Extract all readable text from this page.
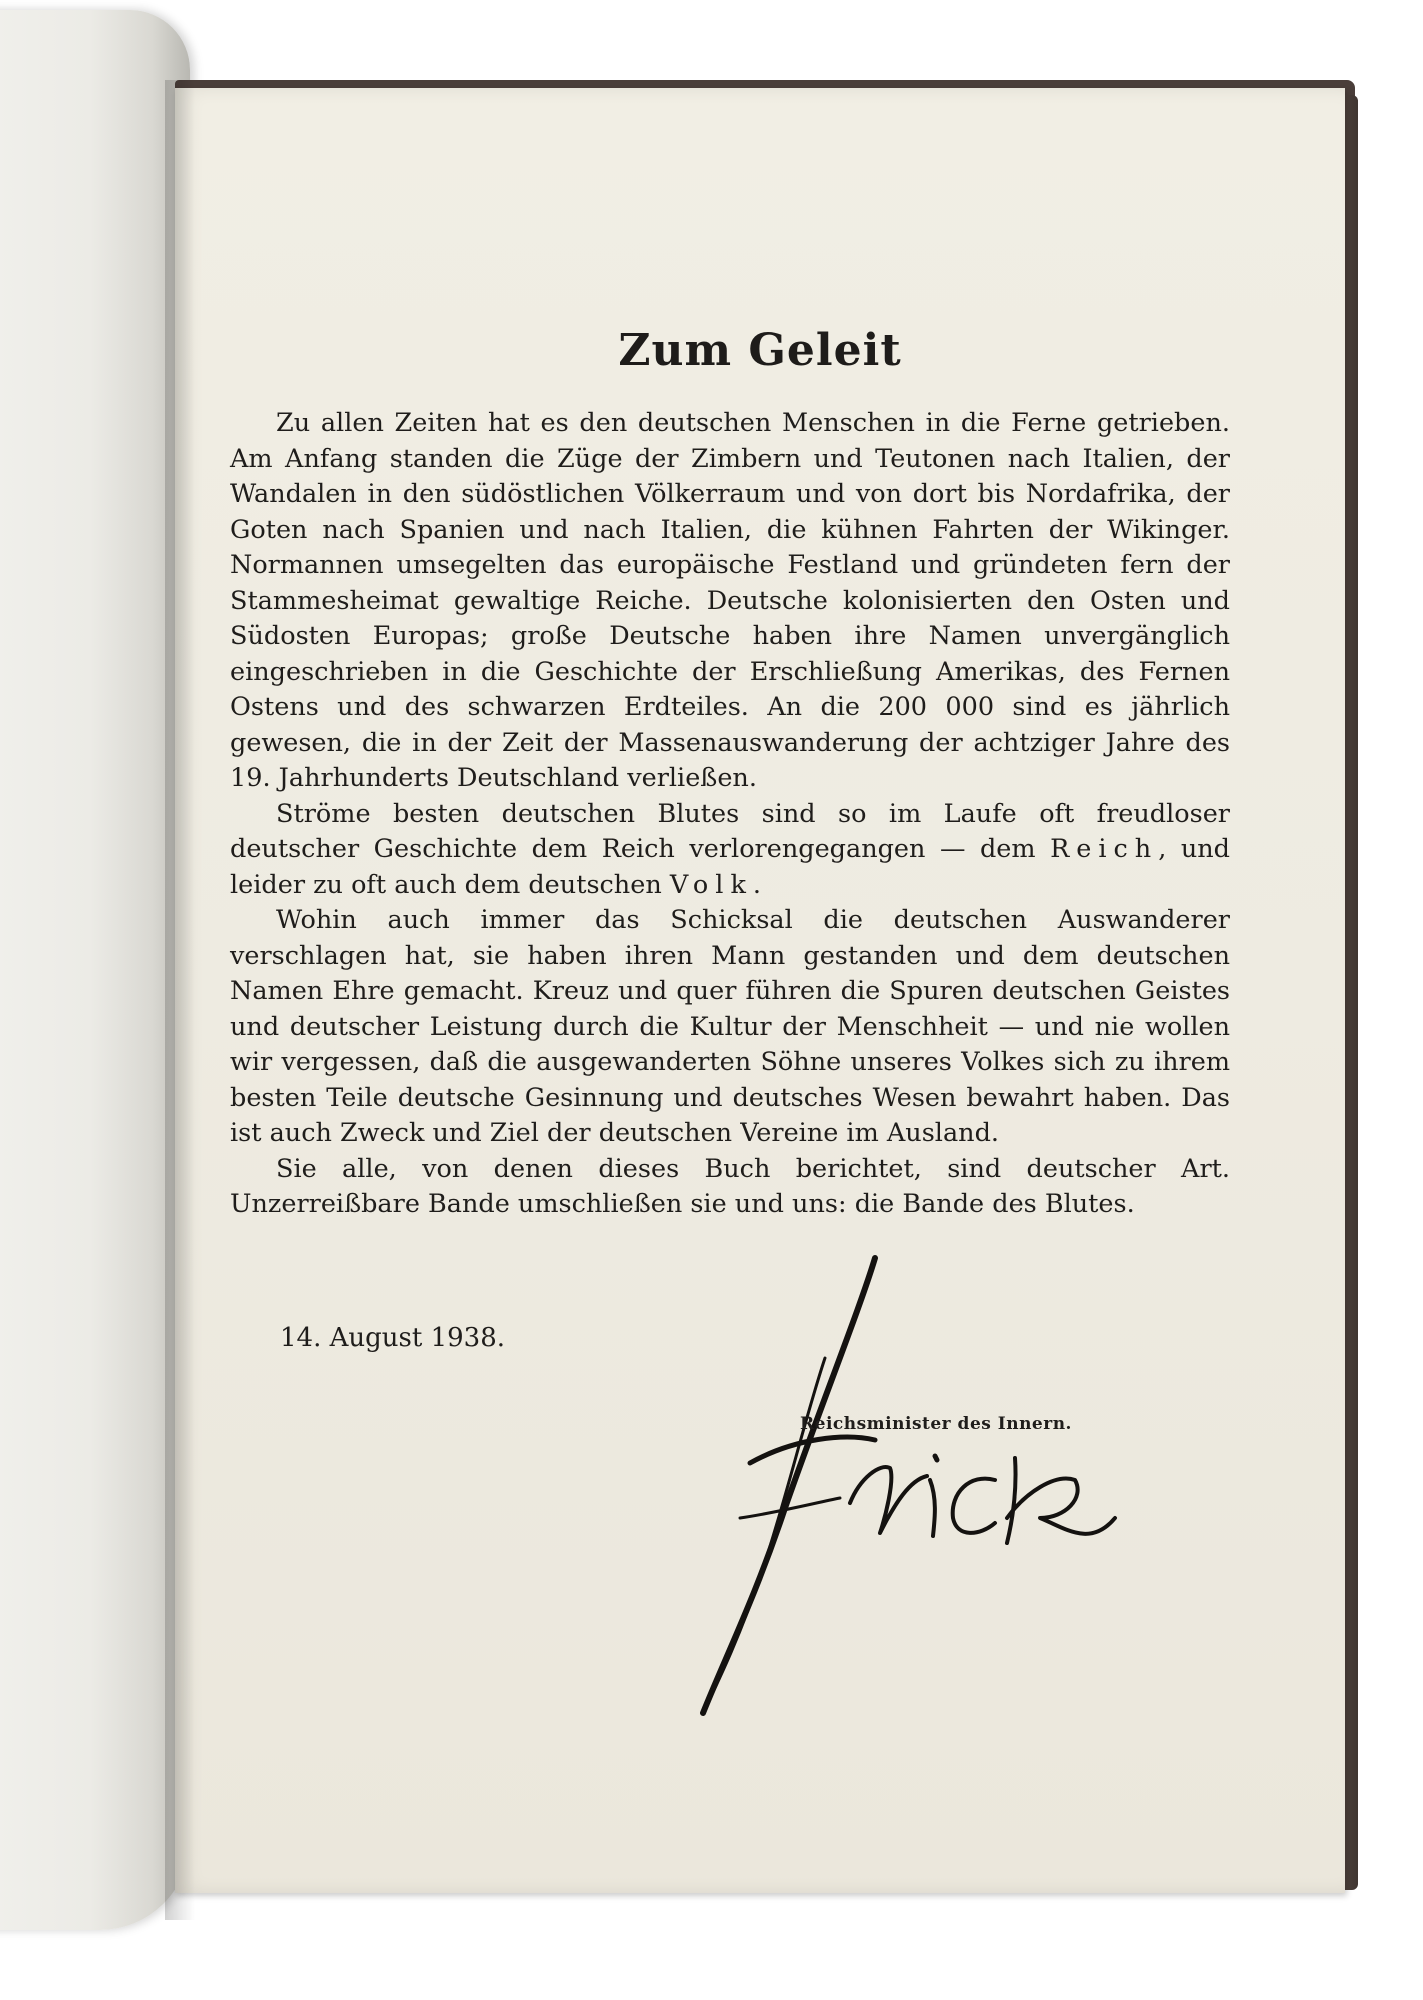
Zum Geleit

Zu allen Zeiten hat es den deutschen Menschen in die Ferne getrieben. Am Anfang standen die Züge der Zimbern und Teutonen nach Italien, der Wandalen in den südöstlichen Völkerraum und von dort bis Nordafrika, der Goten nach Spanien und nach Italien, die kühnen Fahrten der Wikinger. Normannen umsegelten das europäische Festland und gründeten fern der Stammesheimat gewaltige Reiche. Deutsche kolonisierten den Osten und Südosten Europas; große Deutsche haben ihre Namen unvergänglich eingeschrieben in die Geschichte der Erschließung Amerikas, des Fernen Ostens und des schwarzen Erdteiles. An die 200 000 sind es jährlich gewesen, die in der Zeit der Massenauswanderung der achtziger Jahre des 19. Jahrhunderts Deutschland verließen.

Ströme besten deutschen Blutes sind so im Laufe oft freudloser deutscher Geschichte dem Reich verlorengegangen — dem Reich, und leider zu oft auch dem deutschen Volk.

Wohin auch immer das Schicksal die deutschen Auswanderer verschlagen hat, sie haben ihren Mann gestanden und dem deutschen Namen Ehre gemacht. Kreuz und quer führen die Spuren deutschen Geistes und deutscher Leistung durch die Kultur der Menschheit — und nie wollen wir vergessen, daß die ausgewanderten Söhne unseres Volkes sich zu ihrem besten Teile deutsche Gesinnung und deutsches Wesen bewahrt haben. Das ist auch Zweck und Ziel der deutschen Vereine im Ausland.

Sie alle, von denen dieses Buch berichtet, sind deutscher Art. Unzerreißbare Bande umschließen sie und uns: die Bande des Blutes.

14. August 1938.
Reichsminister des Innern.
